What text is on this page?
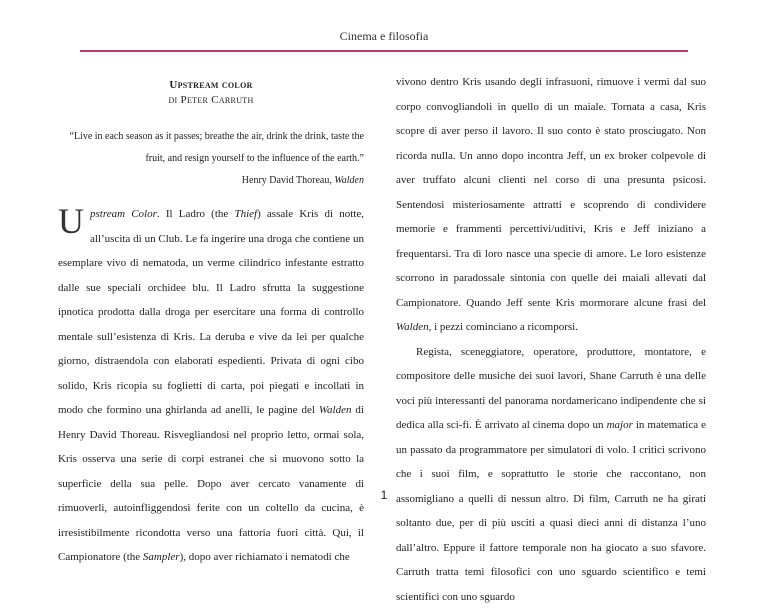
Cinema e filosofia
Upstream color
di Peter Carruth
“Live in each season as it passes; breathe the air, drink the drink, taste the
fruit, and resign yourself to the influence of the earth.”
Henry David Thoreau, Walden
U pstream Color. Il Ladro (the Thief) assale Kris di notte, all’uscita di un Club. Le fa ingerire una droga che contiene un esemplare vivo di nematoda, un verme cilindrico infestante estratto dalle sue speciali orchidee blu. Il Ladro sfrutta la suggestione ipnotica prodotta dalla droga per esercitare una forma di controllo mentale sull’esistenza di Kris. La deruba e vive da lei per qualche giorno, distraendola con elaborati espedienti. Privata di ogni cibo solido, Kris ricopia su foglietti di carta, poi piegati e incollati in modo che formino una ghirlanda ad anelli, le pagine del Walden di Henry David Thoreau. Risvegliandosi nel proprio letto, ormai sola, Kris osserva una serie di corpi estranei che si muovono sotto la superficie della sua pelle. Dopo aver cercato vanamente di rimuoverli, autoinfliggendosi ferite con un coltello da cucina, è irresistibilmente ricondotta verso una fattoria fuori città. Qui, il Campionatore (the Sampler), dopo aver richiamato i nematodi che
vivono dentro Kris usando degli infrasuoni, rimuove i vermi dal suo corpo convogliandoli in quello di un maiale. Tornata a casa, Kris scopre di aver perso il lavoro. Il suo conto è stato prosciugato. Non ricorda nulla. Un anno dopo incontra Jeff, un ex broker colpevole di aver truffato alcuni clienti nel corso di una presunta psicosi. Sentendosi misteriosamente attratti e scoprendo di condividere memorie e frammenti percettivi/uditivi, Kris e Jeff iniziano a frequentarsi. Tra di loro nasce una specie di amore. Le loro esistenze scorrono in paradossale sintonia con quelle dei maiali allevati dal Campionatore. Quando Jeff sente Kris mormorare alcune frasi del Walden, i pezzi cominciano a ricomporsi.
Regista, sceneggiatore, operatore, produttore, montatore, e compositore delle musiche dei suoi lavori, Shane Carruth è una delle voci più interessanti del panorama nordamericano indipendente che si dedica alla sci-fi. È arrivato al cinema dopo un major in matematica e un passato da programmatore per simulatori di volo. I critici scrivono che i suoi film, e soprattutto le storie che raccontano, non assomigliano a quelli di nessun altro. Di film, Carruth ne ha girati soltanto due, per di più usciti a quasi dieci anni di distanza l’uno dall’altro. Eppure il fattore temporale non ha giocato a suo sfavore. Carruth tratta temi filosofici con uno sguardo scientifico e temi scientifici con uno sguardo
1
